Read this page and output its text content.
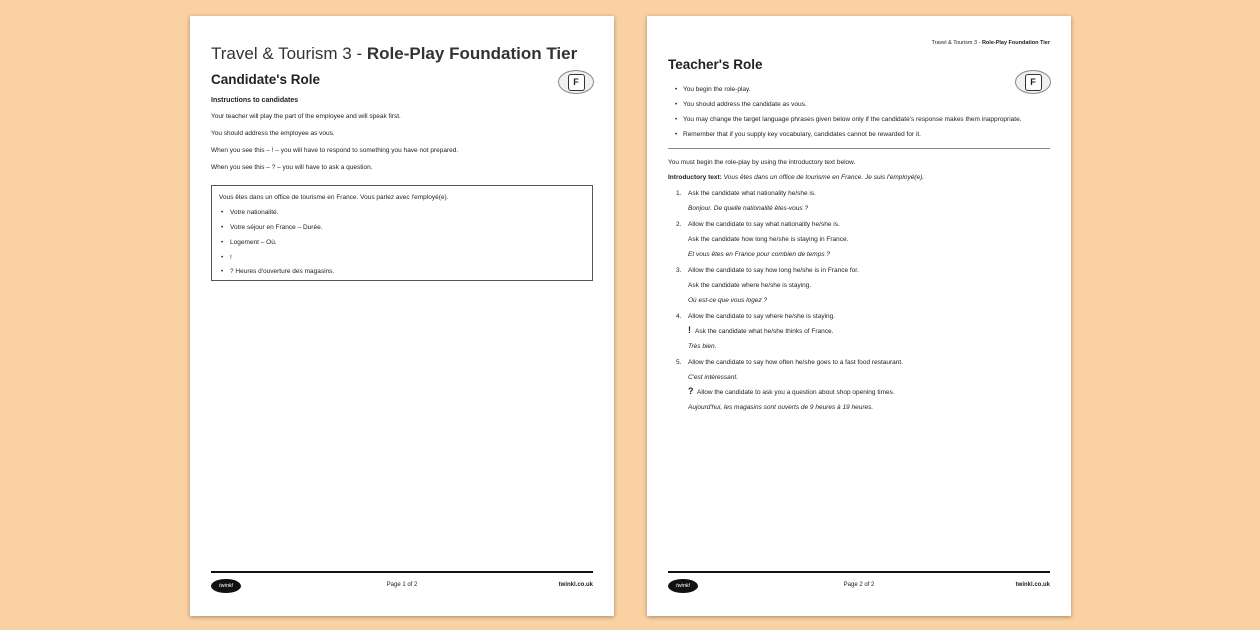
Travel & Tourism 3 - Role-Play Foundation Tier
Candidate's Role	F
Instructions to candidates
Your teacher will play the part of the employee and will speak first.
You should address the employee as vous.
When you see this – ! – you will have to respond to something you have not prepared.
When you see this – ? – you will have to ask a question.
Vous êtes dans un office de tourisme en France. Vous parlez avec l'employé(e).
• Votre nationalité.
• Votre séjour en France – Durée.
• Logement – Où.
• !
• ? Heures d'ouverture des magasins.
twinkl	Page 1 of 2	twinkl.co.uk
Travel & Tourism 3 - Role-Play Foundation Tier
Teacher's Role
F
• You begin the role-play.
• You should address the candidate as vous.
• You may change the target language phrases given below only if the candidate's response makes them inappropriate.
• Remember that if you supply key vocabulary, candidates cannot be rewarded for it.
You must begin the role-play by using the introductory text below.
Introductory text: Vous êtes dans un office de tourisme en France. Je suis l'employé(e).
1. Ask the candidate what nationality he/she is.
Bonjour. De quelle nationalité êtes-vous ?
2. Allow the candidate to say what nationality he/she is.
Ask the candidate how long he/she is staying in France.
Et vous êtes en France pour combien de temps ?
3. Allow the candidate to say how long he/she is in France for.
Ask the candidate where he/she is staying.
Où est-ce que vous logez ?
4. Allow the candidate to say where he/she is staying.
! Ask the candidate what he/she thinks of France.
Très bien.
5. Allow the candidate to say how often he/she goes to a fast food restaurant.
C'est intéressant.
? Allow the candidate to ask you a question about shop opening times.
Aujourd'hui, les magasins sont ouverts de 9 heures à 19 heures.
twinkl	Page 2 of 2	twinkl.co.uk
